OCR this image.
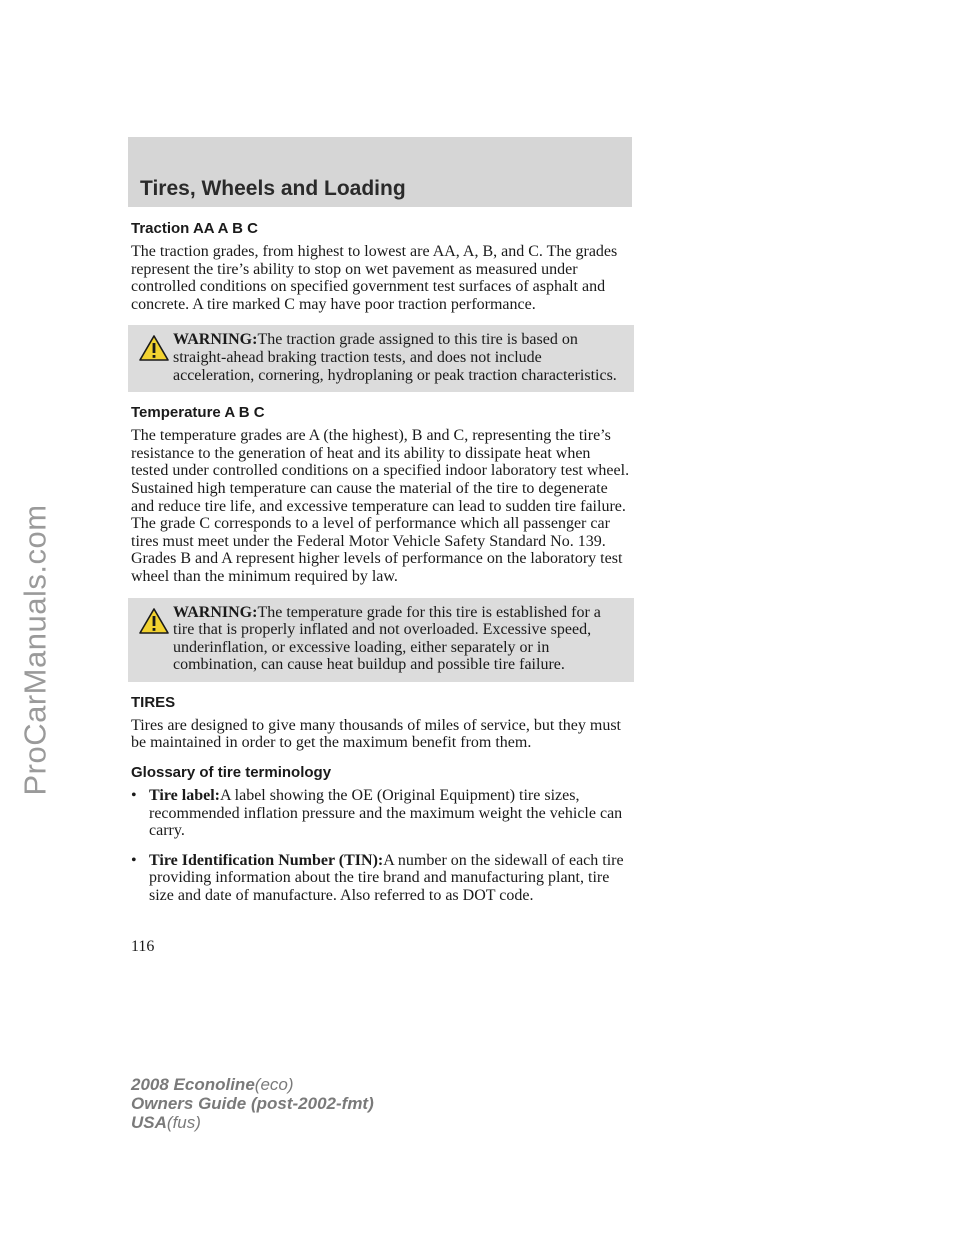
ProCarManuals.com
Tires, Wheels and Loading
Traction AA A B C

The traction grades, from highest to lowest are AA, A, B, and C. The grades represent the tire’s ability to stop on wet pavement as measured under controlled conditions on specified government test surfaces of asphalt and concrete. A tire marked C may have poor traction performance.

WARNING:The traction grade assigned to this tire is based on straight-ahead braking traction tests, and does not include acceleration, cornering, hydroplaning or peak traction characteristics.
Temperature A B C

The temperature grades are A (the highest), B and C, representing the tire’s resistance to the generation of heat and its ability to dissipate heat when tested under controlled conditions on a specified indoor laboratory test wheel. Sustained high temperature can cause the material of the tire to degenerate and reduce tire life, and excessive temperature can lead to sudden tire failure. The grade C corresponds to a level of performance which all passenger car tires must meet under the Federal Motor Vehicle Safety Standard No. 139. Grades B and A represent higher levels of performance on the laboratory test wheel than the minimum required by law.

WARNING:The temperature grade for this tire is established for a tire that is properly inflated and not overloaded. Excessive speed, underinflation, or excessive loading, either separately or in combination, can cause heat buildup and possible tire failure.
TIRES

Tires are designed to give many thousands of miles of service, but they must be maintained in order to get the maximum benefit from them.

Glossary of tire terminology
• Tire label:A label showing the OE (Original Equipment) tire sizes, recommended inflation pressure and the maximum weight the vehicle can carry.
• Tire Identification Number (TIN):A number on the sidewall of each tire providing information about the tire brand and manufacturing plant, tire size and date of manufacture. Also referred to as DOT code.
116
2008 Econoline(eco)
Owners Guide (post-2002-fmt)
USA(fus)
